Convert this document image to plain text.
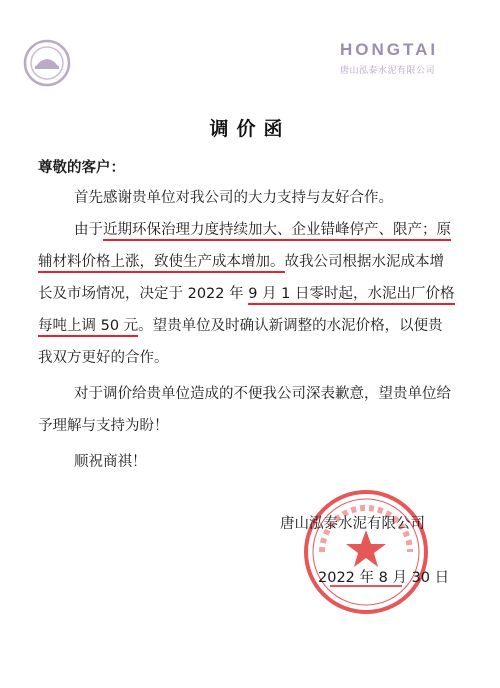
HONGTAI
唐山泓泰水泥有限公司
调价函
尊敬的客户：
首先感谢贵单位对我公司的大力支持与友好合作。
由于近期环保治理力度持续加大、企业错峰停产、限产；原
辅材料价格上涨，致使生产成本增加。故我公司根据水泥成本增
长及市场情况，决定于 2022 年 9 月 1 日零时起，水泥出厂价格
每吨上调 50 元。望贵单位及时确认新调整的水泥价格，以便贵
我双方更好的合作。
对于调价给贵单位造成的不便我公司深表歉意，望贵单位给
予理解与支持为盼！
顺祝商祺！
唐山泓泰水泥有限公司
2022 年 8 月 30 日
